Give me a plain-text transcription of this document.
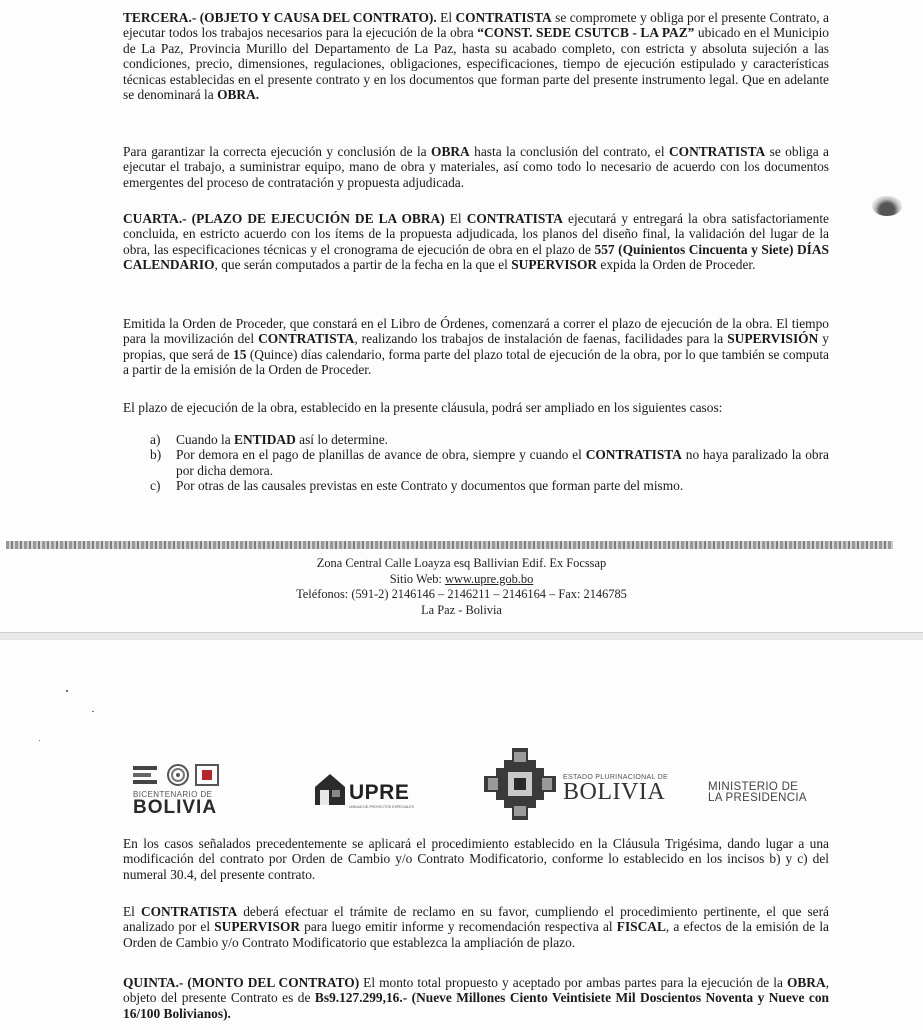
TERCERA.- (OBJETO Y CAUSA DEL CONTRATO). El CONTRATISTA se compromete y obliga por el presente Contrato, a ejecutar todos los trabajos necesarios para la ejecución de la obra “CONST. SEDE CSUTCB - LA PAZ” ubicado en el Municipio de La Paz, Provincia Murillo del Departamento de La Paz, hasta su acabado completo, con estricta y absoluta sujeción a las condiciones, precio, dimensiones, regulaciones, obligaciones, especificaciones, tiempo de ejecución estipulado y características técnicas establecidas en el presente contrato y en los documentos que forman parte del presente instrumento legal. Que en adelante se denominará la OBRA.

Para garantizar la correcta ejecución y conclusión de la OBRA hasta la conclusión del contrato, el CONTRATISTA se obliga a ejecutar el trabajo, a suministrar equipo, mano de obra y materiales, así como todo lo necesario de acuerdo con los documentos emergentes del proceso de contratación y propuesta adjudicada.

CUARTA.- (PLAZO DE EJECUCIÓN DE LA OBRA) El CONTRATISTA ejecutará y entregará la obra satisfactoriamente concluida, en estricto acuerdo con los ítems de la propuesta adjudicada, los planos del diseño final, la validación del lugar de la obra, las especificaciones técnicas y el cronograma de ejecución de obra en el plazo de 557 (Quinientos Cincuenta y Siete) DÍAS CALENDARIO, que serán computados a partir de la fecha en la que el SUPERVISOR expida la Orden de Proceder.

Emitida la Orden de Proceder, que constará en el Libro de Órdenes, comenzará a correr el plazo de ejecución de la obra. El tiempo para la movilización del CONTRATISTA, realizando los trabajos de instalación de faenas, facilidades para la SUPERVISIÓN y propias, que será de 15 (Quince) días calendario, forma parte del plazo total de ejecución de la obra, por lo que también se computa a partir de la emisión de la Orden de Proceder.

El plazo de ejecución de la obra, establecido en la presente cláusula, podrá ser ampliado en los siguientes casos:
a) Cuando la ENTIDAD así lo determine.
b) Por demora en el pago de planillas de avance de obra, siempre y cuando el CONTRATISTA no haya paralizado la obra por dicha demora.
c) Por otras de las causales previstas en este Contrato y documentos que forman parte del mismo.
Zona Central Calle Loayza esq Ballivian Edif. Ex Focssap
Sitio Web: www.upre.gob.bo
Teléfonos: (591-2) 2146146 – 2146211 – 2146164 – Fax: 2146785
La Paz - Bolivia
BICENTENARIO DE
BOLIVIA
UPRE
UNIDAD DE PROYECTOS ESPECIALES
ESTADO PLURINACIONAL DE
BOLIVIA	MINISTERIO DE
LA PRESIDENCIA
En los casos señalados precedentemente se aplicará el procedimiento establecido en la Cláusula Trigésima, dando lugar a una modificación del contrato por Orden de Cambio y/o Contrato Modificatorio, conforme lo establecido en los incisos b) y c) del numeral 30.4, del presente contrato.

El CONTRATISTA deberá efectuar el trámite de reclamo en su favor, cumpliendo el procedimiento pertinente, el que será analizado por el SUPERVISOR para luego emitir informe y recomendación respectiva al FISCAL, a efectos de la emisión de la Orden de Cambio y/o Contrato Modificatorio que establezca la ampliación de plazo.

QUINTA.- (MONTO DEL CONTRATO) El monto total propuesto y aceptado por ambas partes para la ejecución de la OBRA, objeto del presente Contrato es de Bs9.127.299,16.- (Nueve Millones Ciento Veintisiete Mil Doscientos Noventa y Nueve con 16/100 Bolivianos).
